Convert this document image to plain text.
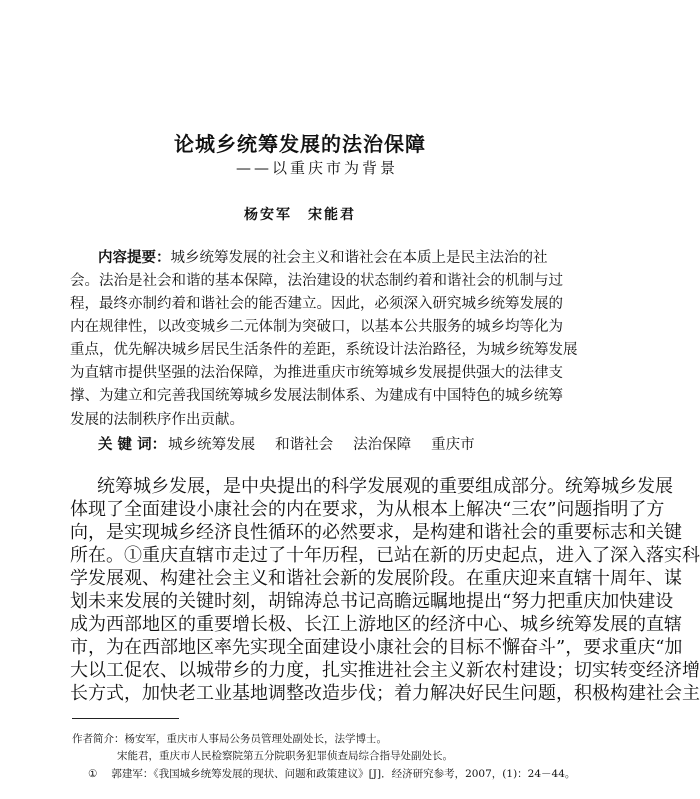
论城乡统筹发展的法治保障
——以重庆市为背景
杨安军　宋能君
内容提要：城乡统筹发展的社会主义和谐社会在本质上是民主法治的社
会。法治是社会和谐的基本保障，法治建设的状态制约着和谐社会的机制与过
程，最终亦制约着和谐社会的能否建立。因此，必须深入研究城乡统筹发展的
内在规律性，以改变城乡二元体制为突破口，以基本公共服务的城乡均等化为
重点，优先解决城乡居民生活条件的差距，系统设计法治路径，为城乡统筹发展
为直辖市提供坚强的法治保障，为推进重庆市统筹城乡发展提供强大的法律支
撑、为建立和完善我国统筹城乡发展法制体系、为建成有中国特色的城乡统筹
发展的法制秩序作出贡献。
关 键 词： 城乡统筹发展 和谐社会 法治保障 重庆市
统筹城乡发展，是中央提出的科学发展观的重要组成部分。统筹城乡发展
体现了全面建设小康社会的内在要求，为从根本上解决“三农”问题指明了方
向，是实现城乡经济良性循环的必然要求，是构建和谐社会的重要标志和关键
所在。①重庆直辖市走过了十年历程，已站在新的历史起点，进入了深入落实科
学发展观、构建社会主义和谐社会新的发展阶段。在重庆迎来直辖十周年、谋
划未来发展的关键时刻，胡锦涛总书记高瞻远瞩地提出“努力把重庆加快建设
成为西部地区的重要增长极、长江上游地区的经济中心、城乡统筹发展的直辖
市，为在西部地区率先实现全面建设小康社会的目标不懈奋斗”，要求重庆“加
大以工促农、以城带乡的力度，扎实推进社会主义新农村建设；切实转变经济增
长方式，加快老工业基地调整改造步伐；着力解决好民生问题，积极构建社会主
作者简介：杨安军，重庆市人事局公务员管理处副处长，法学博士。
宋能君，重庆市人民检察院第五分院职务犯罪侦查局综合指导处副处长。
① 郭建军：《我国城乡统筹发展的现状、问题和政策建议》[J]．经济研究参考，2007，(1)：24－44。
